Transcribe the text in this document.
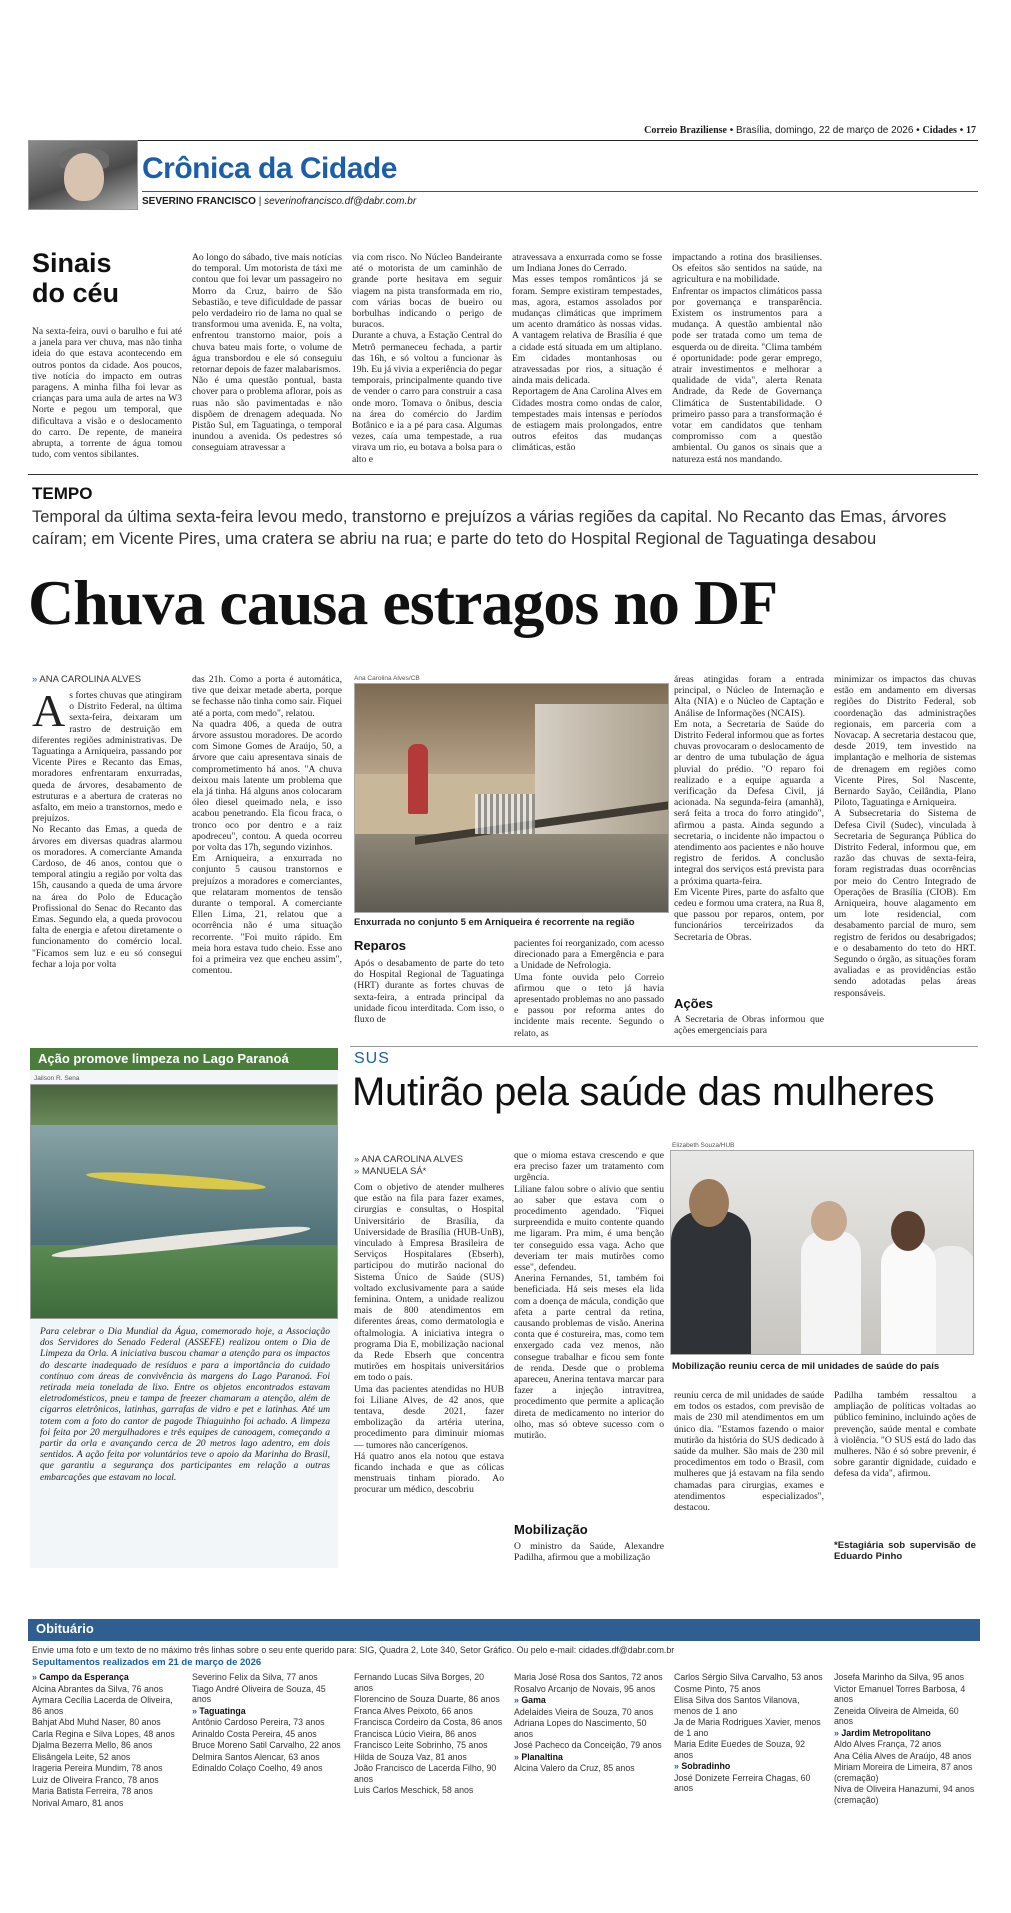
Correio Braziliense • Brasília, domingo, 22 de março de 2026 • Cidades • 17
Crônica da Cidade
SEVERINO FRANCISCO | severinofrancisco.df@dabr.com.br
Sinais
do céu
Na sexta-feira, ouvi o barulho e fui até a janela para ver chuva, mas não tinha ideia do que estava acontecendo em outros pontos da cidade. Aos poucos, tive notícia do impacto em outras paragens. A minha filha foi levar as crianças para uma aula de artes na W3 Norte e pegou um temporal, que dificultava a visão e o deslocamento do carro. De repente, de maneira abrupta, a torrente de água tomou tudo, com ventos sibilantes.
Ao longo do sábado, tive mais notícias do temporal. Um motorista de táxi me contou que foi levar um passageiro no Morro da Cruz, bairro de São Sebastião, e teve dificuldade de passar pelo verdadeiro rio de lama no qual se transformou uma avenida. E, na volta, enfrentou transtorno maior, pois a chuva bateu mais forte, o volume de água transbordou e ele só conseguiu retornar depois de fazer malabarismos.
Não é uma questão pontual, basta chover para o problema aflorar, pois as ruas não são pavimentadas e não dispõem de drenagem adequada. No Pistão Sul, em Taguatinga, o temporal inundou a avenida. Os pedestres só conseguiam atravessar a
via com risco. No Núcleo Bandeirante até o motorista de um caminhão de grande porte hesitava em seguir viagem na pista transformada em rio, com várias bocas de bueiro ou borbulhas indicando o perigo de buracos.
Durante a chuva, a Estação Central do Metrô permaneceu fechada, a partir das 16h, e só voltou a funcionar às 19h. Eu já vivia a experiência do pegar temporais, principalmente quando tive de vender o carro para construir a casa onde moro. Tomava o ônibus, descia na área do comércio do Jardim Botânico e ia a pé para casa. Algumas vezes, caía uma tempestade, a rua virava um rio, eu botava a bolsa para o alto e
atravessava a enxurrada como se fosse um Indiana Jones do Cerrado.
Mas esses tempos românticos já se foram. Sempre existiram tempestades, mas, agora, estamos assolados por mudanças climáticas que imprimem um acento dramático às nossas vidas. A vantagem relativa de Brasília é que a cidade está situada em um altiplano. Em cidades montanhosas ou atravessadas por rios, a situação é ainda mais delicada.
Reportagem de Ana Carolina Alves em Cidades mostra como ondas de calor, tempestades mais intensas e períodos de estiagem mais prolongados, entre outros efeitos das mudanças climáticas, estão
impactando a rotina dos brasilienses. Os efeitos são sentidos na saúde, na agricultura e na mobilidade.
Enfrentar os impactos climáticos passa por governança e transparência. Existem os instrumentos para a mudança. A questão ambiental não pode ser tratada como um tema de esquerda ou de direita. "Clima também é oportunidade: pode gerar emprego, atrair investimentos e melhorar a qualidade de vida", alerta Renata Andrade, da Rede de Governança Climática de Sustentabilidade. O primeiro passo para a transformação é votar em candidatos que tenham compromisso com a questão ambiental. Ou ganos os sinais que a natureza está nos mandando.
TEMPO
Temporal da última sexta-feira levou medo, transtorno e prejuízos a várias regiões da capital. No Recanto das Emas, árvores caíram; em Vicente Pires, uma cratera se abriu na rua; e parte do teto do Hospital Regional de Taguatinga desabou
Chuva causa estragos no DF
» ANA CAROLINA ALVES
As fortes chuvas que atingiram o Distrito Federal, na última sexta-feira, deixaram um rastro de destruição em diferentes regiões administrativas. De Taguatinga a Arniqueira, passando por Vicente Pires e Recanto das Emas, moradores enfrentaram enxurradas, queda de árvores, desabamento de estruturas e a abertura de crateras no asfalto, em meio a transtornos, medo e prejuízos.
No Recanto das Emas, a queda de árvores em diversas quadras alarmou os moradores. A comerciante Amanda Cardoso, de 46 anos, contou que o temporal atingiu a região por volta das 15h, causando a queda de uma árvore na área do Polo de Educação Profissional do Senac do Recanto das Emas. Segundo ela, a queda provocou falta de energia e afetou diretamente o funcionamento do comércio local. "Ficamos sem luz e eu só consegui fechar a loja por volta
das 21h. Como a porta é automática, tive que deixar metade aberta, porque se fechasse não tinha como sair. Fiquei até a porta, com medo", relatou.
Na quadra 406, a queda de outra árvore assustou moradores. De acordo com Simone Gomes de Araújo, 50, a árvore que caiu apresentava sinais de comprometimento há anos. "A chuva deixou mais latente um problema que ela já tinha. Há alguns anos colocaram óleo diesel queimado nela, e isso acabou penetrando. Ela ficou fraca, o tronco oco por dentro e a raiz apodreceu", contou. A queda ocorreu por volta das 17h, segundo vizinhos.
Em Arniqueira, a enxurrada no conjunto 5 causou transtornos e prejuízos a moradores e comerciantes, que relataram momentos de tensão durante o temporal. A comerciante Ellen Lima, 21, relatou que a ocorrência não é uma situação recorrente. "Foi muito rápido. Em meia hora estava tudo cheio. Esse ano foi a primeira vez que encheu assim", comentou.
Ana Carolina Alves/CB
Enxurrada no conjunto 5 em Arniqueira é recorrente na região
Reparos
Após o desabamento de parte do teto do Hospital Regional de Taguatinga (HRT) durante as fortes chuvas de sexta-feira, a entrada principal da unidade ficou interditada. Com isso, o fluxo de
pacientes foi reorganizado, com acesso direcionado para a Emergência e para a Unidade de Nefrologia.
Uma fonte ouvida pelo Correio afirmou que o teto já havia apresentado problemas no ano passado e passou por reforma antes do incidente mais recente. Segundo o relato, as
áreas atingidas foram a entrada principal, o Núcleo de Internação e Alta (NIA) e o Núcleo de Captação e Análise de Informações (NCAIS).
Em nota, a Secretaria de Saúde do Distrito Federal informou que as fortes chuvas provocaram o deslocamento de ar dentro de uma tubulação de água pluvial do prédio. "O reparo foi realizado e a equipe aguarda a verificação da Defesa Civil, já acionada. Na segunda-feira (amanhã), será feita a troca do forro atingido", afirmou a pasta. Ainda segundo a secretaria, o incidente não impactou o atendimento aos pacientes e não houve registro de feridos. A conclusão integral dos serviços está prevista para a próxima quarta-feira.
Em Vicente Pires, parte do asfalto que cedeu e formou uma cratera, na Rua 8, que passou por reparos, ontem, por funcionários terceirizados da Secretaria de Obras.
Ações
A Secretaria de Obras informou que ações emergenciais para
minimizar os impactos das chuvas estão em andamento em diversas regiões do Distrito Federal, sob coordenação das administrações regionais, em parceria com a Novacap. A secretaria destacou que, desde 2019, tem investido na implantação e melhoria de sistemas de drenagem em regiões como Vicente Pires, Sol Nascente, Bernardo Sayão, Ceilândia, Plano Piloto, Taguatinga e Arniqueira.
A Subsecretaria do Sistema de Defesa Civil (Sudec), vinculada à Secretaria de Segurança Pública do Distrito Federal, informou que, em razão das chuvas de sexta-feira, foram registradas duas ocorrências por meio do Centro Integrado de Operações de Brasília (CIOB). Em Arniqueira, houve alagamento em um lote residencial, com desabamento parcial de muro, sem registro de feridos ou desabrigados; e o desabamento do teto do HRT. Segundo o órgão, as situações foram avaliadas e as providências estão sendo adotadas pelas áreas responsáveis.
Ação promove limpeza no Lago Paranoá
Jailson R. Sena
Para celebrar o Dia Mundial da Água, comemorado hoje, a Associação dos Servidores do Senado Federal (ASSEFE) realizou ontem o Dia de Limpeza da Orla. A iniciativa buscou chamar a atenção para os impactos do descarte inadequado de resíduos e para a importância do cuidado contínuo com áreas de convivência às margens do Lago Paranoá. Foi retirada meia tonelada de lixo. Entre os objetos encontrados estavam eletrodomésticos, pneu e tampa de freezer chamaram a atenção, além de cigarros eletrônicos, latinhas, garrafas de vidro e pet e latinhas. Até um totem com a foto do cantor de pagode Thiaguinho foi achado. A limpeza foi feita por 20 mergulhadores e três equipes de canoagem, começando a partir da orla e avançando cerca de 20 metros lago adentro, em dois sentidos. A ação feita por voluntários teve o apoio da Marinha do Brasil, que garantiu a segurança dos participantes em relação a outras embarcações que estavam no local.
SUS
Mutirão pela saúde das mulheres
» ANA CAROLINA ALVES
» MANUELA SÁ*
Com o objetivo de atender mulheres que estão na fila para fazer exames, cirurgias e consultas, o Hospital Universitário de Brasília, da Universidade de Brasília (HUB-UnB), vinculado à Empresa Brasileira de Serviços Hospitalares (Ebserh), participou do mutirão nacional do Sistema Único de Saúde (SUS) voltado exclusivamente para a saúde feminina. Ontem, a unidade realizou mais de 800 atendimentos em diferentes áreas, como dermatologia e oftalmologia. A iniciativa integra o programa Dia E, mobilização nacional da Rede Ebserh que concentra mutirões em hospitais universitários em todo o país.
Uma das pacientes atendidas no HUB foi Liliane Alves, de 42 anos, que tentava, desde 2021, fazer embolização da artéria uterina, procedimento para diminuir miomas — tumores não cancerígenos.
Há quatro anos ela notou que estava ficando inchada e que as cólicas menstruais tinham piorado. Ao procurar um médico, descobriu
que o mioma estava crescendo e que era preciso fazer um tratamento com urgência.
Liliane falou sobre o alívio que sentiu ao saber que estava com o procedimento agendado. "Fiquei surpreendida e muito contente quando me ligaram. Pra mim, é uma benção ter conseguido essa vaga. Acho que deveriam ter mais mutirões como esse", defendeu.
Anerina Fernandes, 51, também foi beneficiada. Há seis meses ela lida com a doença de mácula, condição que afeta a parte central da retina, causando problemas de visão. Anerina conta que é costureira, mas, como tem enxergado cada vez menos, não consegue trabalhar e ficou sem fonte de renda. Desde que o problema apareceu, Anerina tentava marcar para fazer a injeção intravítrea, procedimento que permite a aplicação direta de medicamento no interior do olho, mas só obteve sucesso com o mutirão.
Mobilização
O ministro da Saúde, Alexandre Padilha, afirmou que a mobilização
Elizabeth Souza/HUB
Mobilização reuniu cerca de mil unidades de saúde do país
reuniu cerca de mil unidades de saúde em todos os estados, com previsão de mais de 230 mil atendimentos em um único dia. "Estamos fazendo o maior mutirão da história do SUS dedicado à saúde da mulher. São mais de 230 mil procedimentos em todo o Brasil, com mulheres que já estavam na fila sendo chamadas para cirurgias, exames e atendimentos especializados", destacou.
Padilha também ressaltou a ampliação de políticas voltadas ao público feminino, incluindo ações de prevenção, saúde mental e combate à violência. "O SUS está do lado das mulheres. Não é só sobre prevenir, é sobre garantir dignidade, cuidado e defesa da vida", afirmou.
*Estagiária sob supervisão de Eduardo Pinho
Obituário
Envie uma foto e um texto de no máximo três linhas sobre o seu ente querido para: SIG, Quadra 2, Lote 340, Setor Gráfico. Ou pelo e-mail: cidades.df@dabr.com.br
Sepultamentos realizados em 21 de março de 2026
» Campo da Esperança
Alcina Abrantes da Silva, 76 anos
Aymara Cecília Lacerda de Oliveira, 86 anos
Bahjat Abd Muhd Naser, 80 anos
Carla Regina e Silva Lopes, 48 anos
Djalma Bezerra Mello, 86 anos
Elisângela Leite, 52 anos
Irageria Pereira Mundim, 78 anos
Luiz de Oliveira Franco, 78 anos
Maria Batista Ferreira, 78 anos
Norival Amaro, 81 anos
Severino Felix da Silva, 77 anos
Tiago André Oliveira de Souza, 45 anos
» Taguatinga
Antônio Cardoso Pereira, 73 anos
Arinaldo Costa Pereira, 45 anos
Bruce Moreno Satil Carvalho, 22 anos
Delmira Santos Alencar, 63 anos
Edinaldo Colaço Coelho, 49 anos
Fernando Lucas Silva Borges, 20 anos
Florencino de Souza Duarte, 86 anos
Franca Alves Peixoto, 66 anos
Francisca Cordeiro da Costa, 86 anos
Francisca Lúcio Vieira, 86 anos
Francisco Leite Sobrinho, 75 anos
Hilda de Souza Vaz, 81 anos
João Francisco de Lacerda Filho, 90 anos
Luis Carlos Meschick, 58 anos
Maria José Rosa dos Santos, 72 anos
Rosalvo Arcanjo de Novais, 95 anos
» Gama
Adelaides Vieira de Souza, 70 anos
Adriana Lopes do Nascimento, 50 anos
José Pacheco da Conceição, 79 anos
» Planaltina
Alcina Valero da Cruz, 85 anos
Carlos Sérgio Silva Carvalho, 53 anos
Cosme Pinto, 75 anos
Elisa Silva dos Santos Vilanova, menos de 1 ano
Ja de Maria Rodrigues Xavier, menos de 1 ano
Maria Edite Euedes de Souza, 92 anos
» Sobradinho
José Donizete Ferreira Chagas, 60 anos
Josefa Marinho da Silva, 95 anos
Victor Emanuel Torres Barbosa, 4 anos
Zeneida Oliveira de Almeida, 60 anos
» Jardim Metropolitano
Aldo Alves França, 72 anos
Ana Célia Alves de Araújo, 48 anos
Miriam Moreira de Limeira, 87 anos (cremação)
Niva de Oliveira Hanazumi, 94 anos (cremação)
